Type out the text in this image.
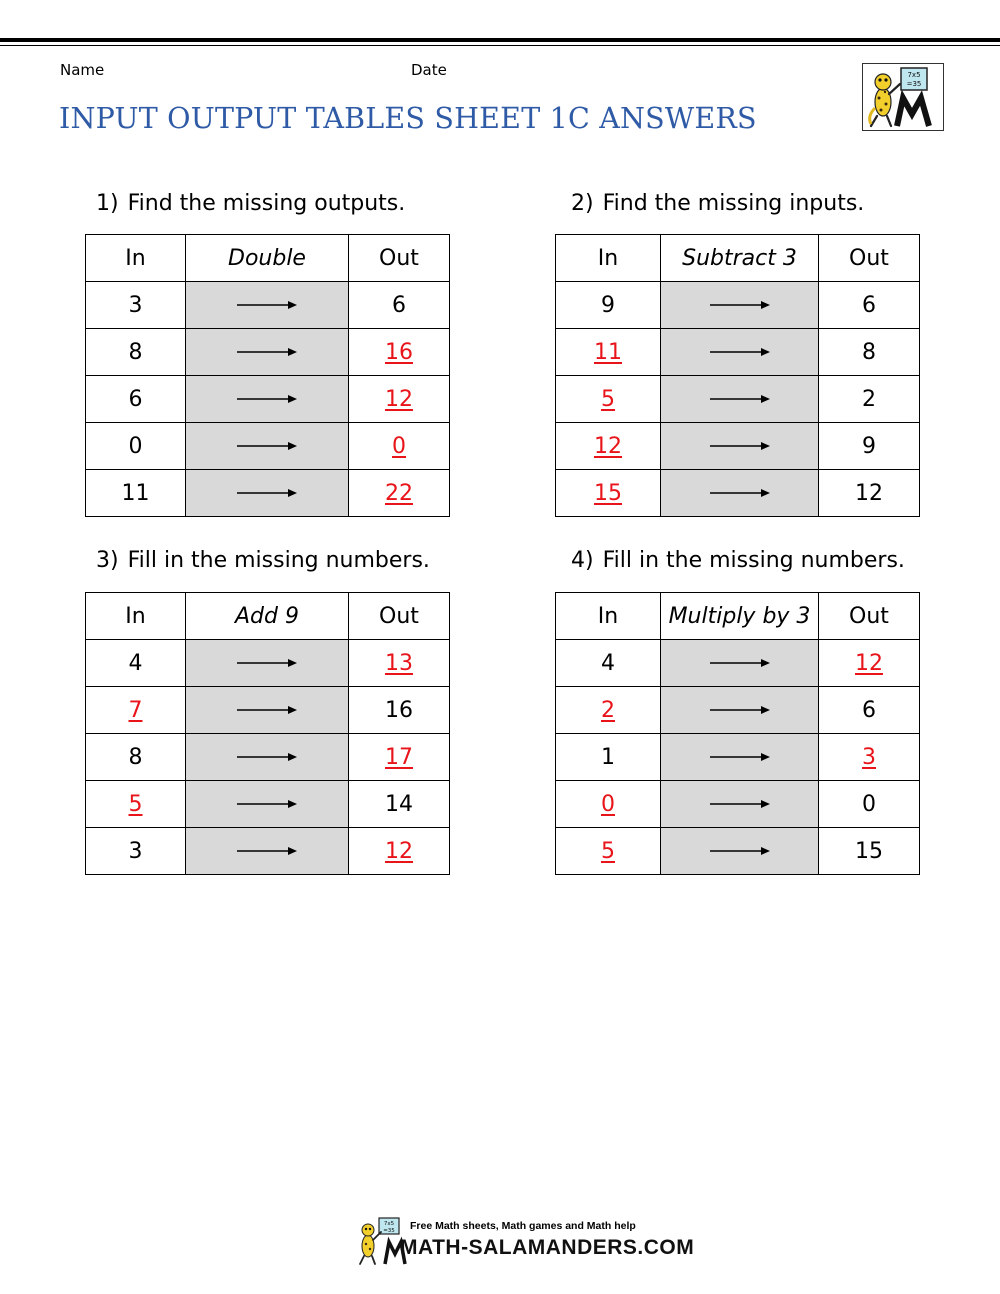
Name	Date
INPUT OUTPUT TABLES SHEET 1C ANSWERS
7x5
=35
1) Find the missing outputs.
In	Double	Out
3		6
8		16
6		12
0		0
11		22
2) Find the missing inputs.
In	Subtract 3	Out
9		6
11		8
5		2
12		9
15		12
3) Fill in the missing numbers.
In	Add 9	Out
4		13
7		16
8		17
5		14
3		12
4) Fill in the missing numbers.
In	Multiply by 3	Out
4		12
2		6
1		3
0		0
5		15
7x5
=35 Free Math sheets, Math games and Math help
MATH-SALAMANDERS.COM
